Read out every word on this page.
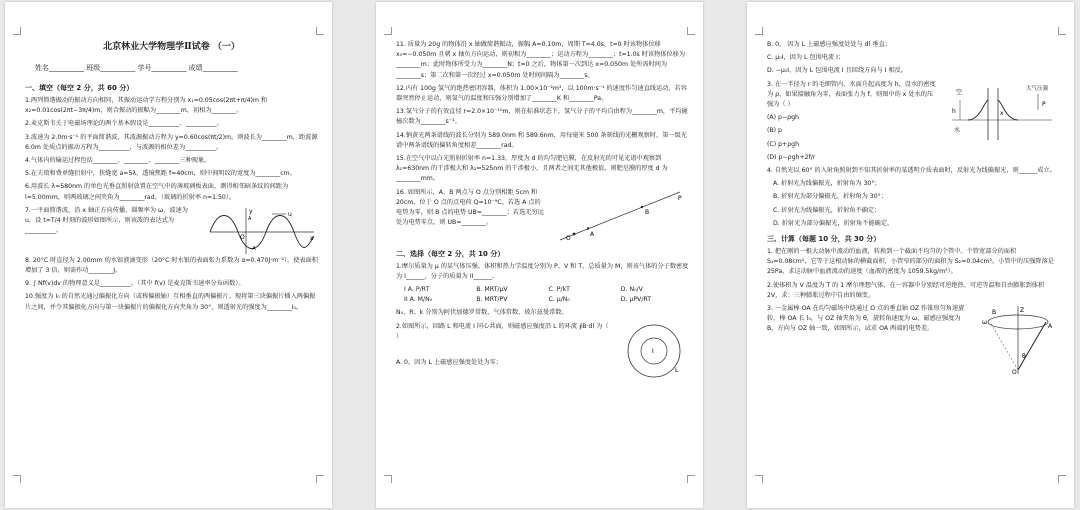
北京林业大学物理学Ⅱ试卷 （一）
姓名__________ 班级__________ 学号__________ 成绩__________
一、填空（每空 2 分，共 60 分）
1.两列简谐振动的振动方向相同，其振动运动学方程分别为 x₁=0.05cos(2πt+π/4)m 和 x₂=0.01cos(2πt−3π/4)m，则合振动的振幅为________m，初相为________。
2.麦克斯韦关于电磁场理论的两个基本假设是__________、__________。
3.波速为 2.0m·s⁻¹ 的平面简谐波，其波源振动方程为 y=0.60cos(πt/2)m，则波长为________m，距波源 6.0m 处质点的振动方程为__________，与波源的相位差为__________。
4.气体内的输运过程包括________、________、________三种现象。
5.在夫琅和费单缝衍射中，狭缝宽 a=5λ，透镜焦距 f=40cm，则中间明纹的宽度为________cm。
6.用波长 λ=580nm 的单色光垂直照射放置在空气中的薄玻璃板表面，测得相邻暗条纹的间距为 l=5.00mm，则两玻璃之间夹角为________rad。（玻璃的折射率 n=1.50）。
7.一平面简谐波，沿 x 轴正方向传播，圆频率为 ω，波速为 u，设 t=T/4 时刻的波形如图所示，则该波的表达式为__________。
y	u
x
O
A
−A
8. 20°C 时直径为 2.00mm 的水银液滴变形（20°C 时水银的表面张力系数为 α=0.470J·m⁻²），使表面积增加了 3 倍，则需作功________J。
9. ∫ Nf(v)dv 的物理意义是__________。（其中 f(v) 是麦克斯韦速率分布函数）。
10.强度为 I₀ 的自然光通过偏振化方向（或称偏振轴）互相垂直的两偏振片。现将第三块偏振片插入两偏振片之间，并令其偏振化方向与第一块偏振片的偏振化方向夹角为 30°，则透射光的强度为________I₀。
11. 质量为 20g 的物体沿 x 轴做简谐振动，振幅 A=0.10m，周期 T=4.0s，t=0 时该物体位移 x₀=−0.050m 且朝 x 轴负方向运动，则初相为________；运动方程为________；t=1.0s 时该物体位移为________m；此时物体所受力为________N；t=0 之后，物体第一次到达 x=0.050m 处所需时间为________s；第二次和第一次经过 x=0.050m 处时间间隔为________s。
12.内有 100g 氢气的绝热密闭容器，体积为 1.00×10⁻²m³，以 100m·s⁻¹ 的速度作匀速直线运动，若容器突然停止运动，则氢气的温度和压强分别增加了________K 和________Pa。
13.氢气分子的有效直径 r=2.0×10⁻¹⁰m，则在标准状态下，氢气分子的平均自由程为________m，平均碰撞次数为________s⁻¹。
14.钠黄光两条谱线的波长分别为 589.0nm 和 589.6nm，用每毫米 500 条刻线的光栅观察时，第一级光谱中两条谱线的偏转角度相差________rad。
15.在空气中以白光照射折射率 n=1.33，厚度为 d 的均匀肥皂膜，在反射光的可见光谱中观察到 λ₁=630nm 的干涉极大和 λ₂=525nm 的干涉极小，且两者之间无其他极值，则肥皂膜的厚度 d 为________mm。
16. 如图所示，A、B 两点与 O 点分别相距 5cm 和 20cm，位于 O 点的点电荷 Q=10⁻⁹C。若选 A 点的电势为零，则 B 点的电势 UB=________；若选无穷远处为电势零点，则 UB=________。
P
B
O
A
二、选择（每空 2 分，共 10 分）
1.摩尔质量为 μ 的某气体压强、体积和热力学温度分别为 P、V 和 T，总质量为 M，则该气体的分子数密度为 I______，分子的质量为 II______。
I A. P/RT	B. MRT/μV	C. P/kT	D. N₀/V
II A. M/N₀	B. MRT/PV	C. μ/N₀	D. μPV/RT
N₀、R、k 分别为阿伏加德罗常数、气体常数、玻尔兹曼常数。
2.如图所示，回路 L 和电流 I 同心共面，则磁感应强度沿 L 的环流 ∮B·dl 为（ ）
A. 0，因为 L 上磁感应强度处处为零；
I
L
B. 0， 因为 L 上磁感应强度处处与 dl 垂直；
C. μ₀I，因为 L 包围电流 I；
D. −μ₀I，因为 L 包围电流 I 且回绕方向与 I 相反。
3. 在一半径为 r 的毛细管内，水面升起高度为 h，设水的密度为 ρ，如果接触角为零，表面张力为 f，则图中的 x 处水的压强为（ ）
(A) p−ρgh
(B) p
(C) p+ρgh
(D) p−ρgh+2f/r
空	大气压强
P
x
h
水
4. 自然光以 60° 的入射角照射到不知其折射率的某透明介质表面时，反射光为线偏振光，则______成立。
A. 折射光为线偏振光，折射角为 30°；
B. 折射光为部分偏振光，折射角为 30°；
C. 折射光为线偏振光，折射角不确定；
D. 折射光为部分偏振光，折射角不能确定。
三、计算（每题 10 分，共 30 分）
1. 把在刚的一根大动脉中流动的血液，转换到一个截面不均匀的个管中。个管宽部分的面积 S₁=0.08cm²，它等于这根动脉的横截面积，小管窄的部分的面积为 S₂=0.04cm²。小管中的压强降落是 25Pa，求这动脉中血液流动的速度（血液的密度为 1059.5kg/m³）。
2.使体积为 V 温度为 T 的 1 摩尔理想气体，在一容器中分别经可逆绝热、可逆等温和自由膨胀到体积 2V，求：三种膨胀过程中自由的熵变。
3. 一金属棒 OA 在均匀磁场中绕通过 O 点的垂直轴 OZ 作锥形匀角速旋转，棒 OA 长 l₀，与 OZ 轴夹角为 θ，旋转角速度为 ω，磁感应强度为 B，方向与 OZ 轴一致，如图所示，试求 OA 两端的电势差。
Z
A
B
O
θ
ω
